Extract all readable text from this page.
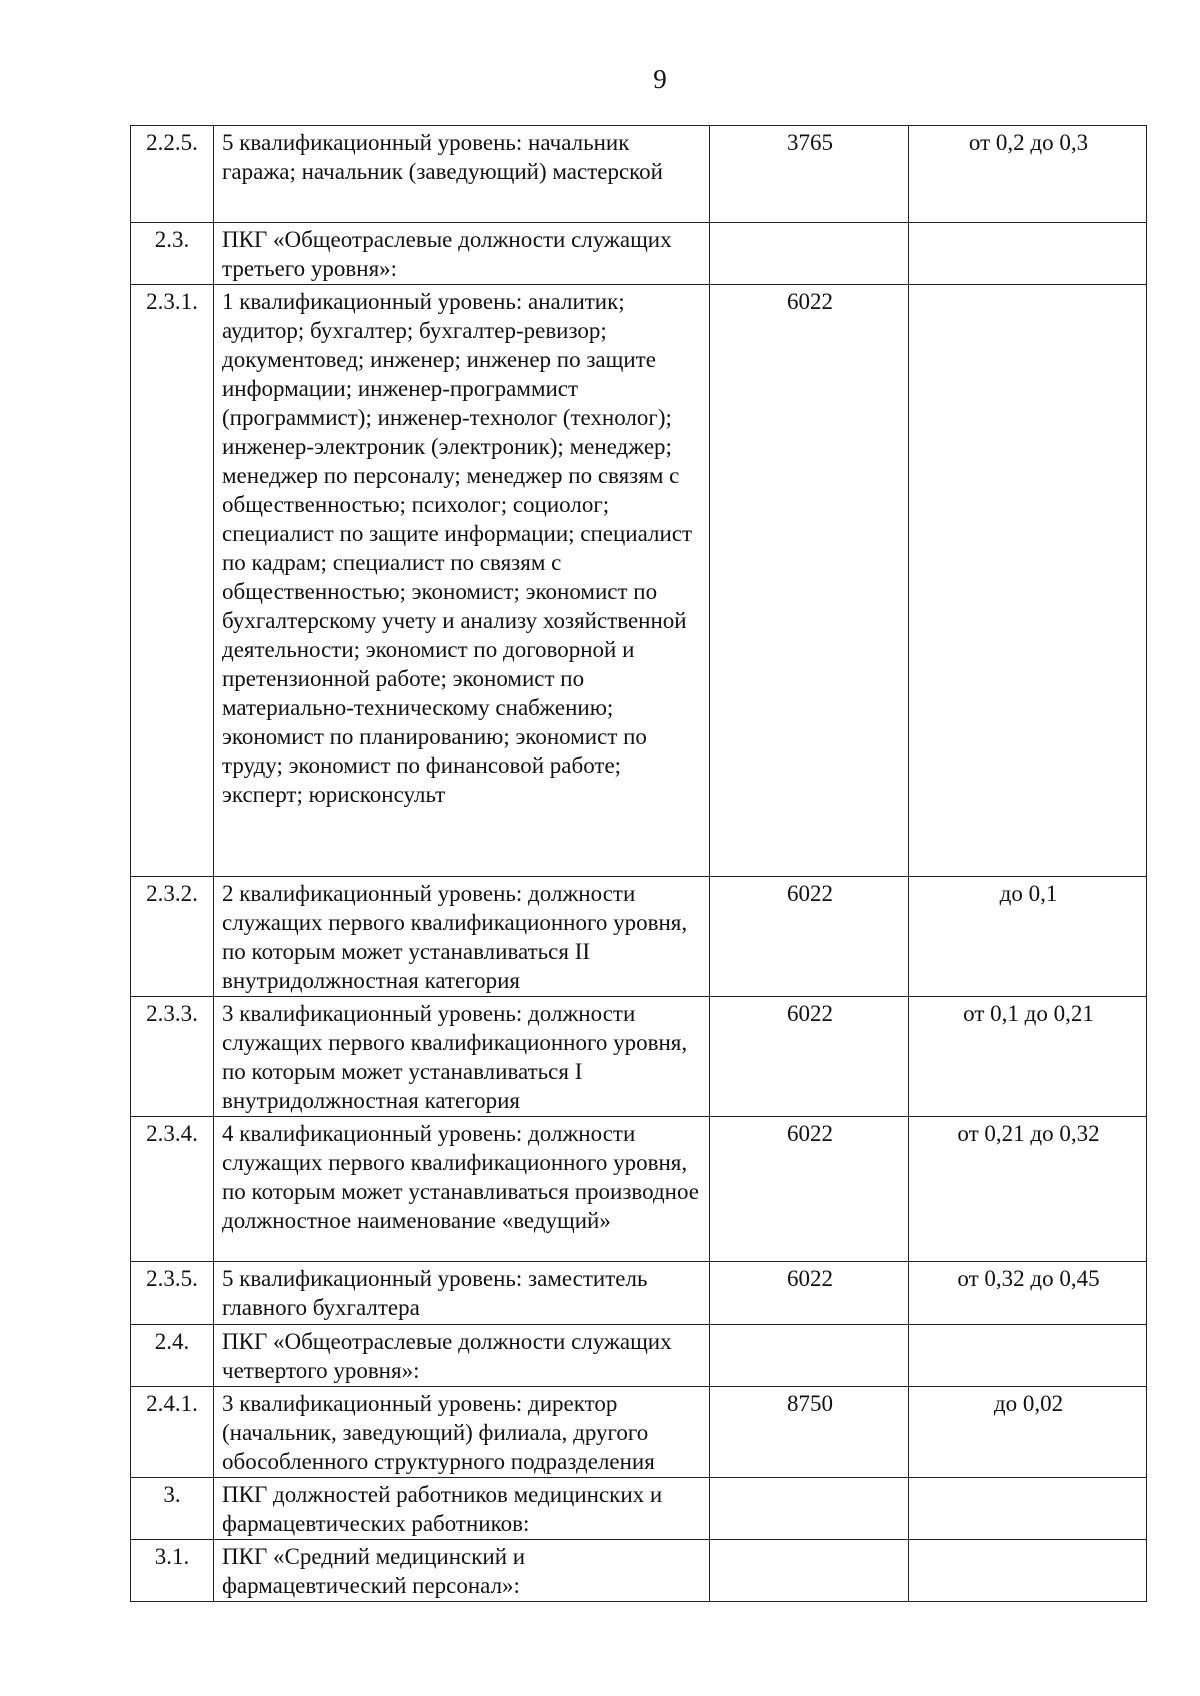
9
2.2.5.	5 квалификационный уровень: начальник гаража; начальник (заведующий) мастерской	3765	от 0,2 до 0,3
2.3.	ПКГ «Общеотраслевые должности служащих третьего уровня»:		
2.3.1.	1 квалификационный уровень: аналитик; аудитор; бухгалтер; бухгалтер-ревизор; документовед; инженер; инженер по защите информации; инженер-программист (программист); инженер-технолог (технолог); инженер-электроник (электроник); менеджер; менеджер по персоналу; менеджер по связям с общественностью; психолог; социолог; специалист по защите информации; специалист по кадрам; специалист по связям с общественностью; экономист; экономист по бухгалтерскому учету и анализу хозяйственной деятельности; экономист по договорной и претензионной работе; экономист по материально-техническому снабжению; экономист по планированию; экономист по труду; экономист по финансовой работе; эксперт; юрисконсульт	6022	
2.3.2.	2 квалификационный уровень: должности служащих первого квалификационного уровня, по которым может устанавливаться II внутридолжностная категория	6022	до 0,1
2.3.3.	3 квалификационный уровень: должности служащих первого квалификационного уровня, по которым может устанавливаться I внутридолжностная категория	6022	от 0,1 до 0,21
2.3.4.	4 квалификационный уровень: должности служащих первого квалификационного уровня, по которым может устанавливаться производное должностное наименование «ведущий»	6022	от 0,21 до 0,32
2.3.5.	5 квалификационный уровень: заместитель главного бухгалтера	6022	от 0,32 до 0,45
2.4.	ПКГ «Общеотраслевые должности служащих четвертого уровня»:		
2.4.1.	3 квалификационный уровень: директор (начальник, заведующий) филиала, другого обособленного структурного подразделения	8750	до 0,02
3.	ПКГ должностей работников медицинских и фармацевтических работников:		
3.1.	ПКГ «Средний медицинский и фармацевтический персонал»:		
